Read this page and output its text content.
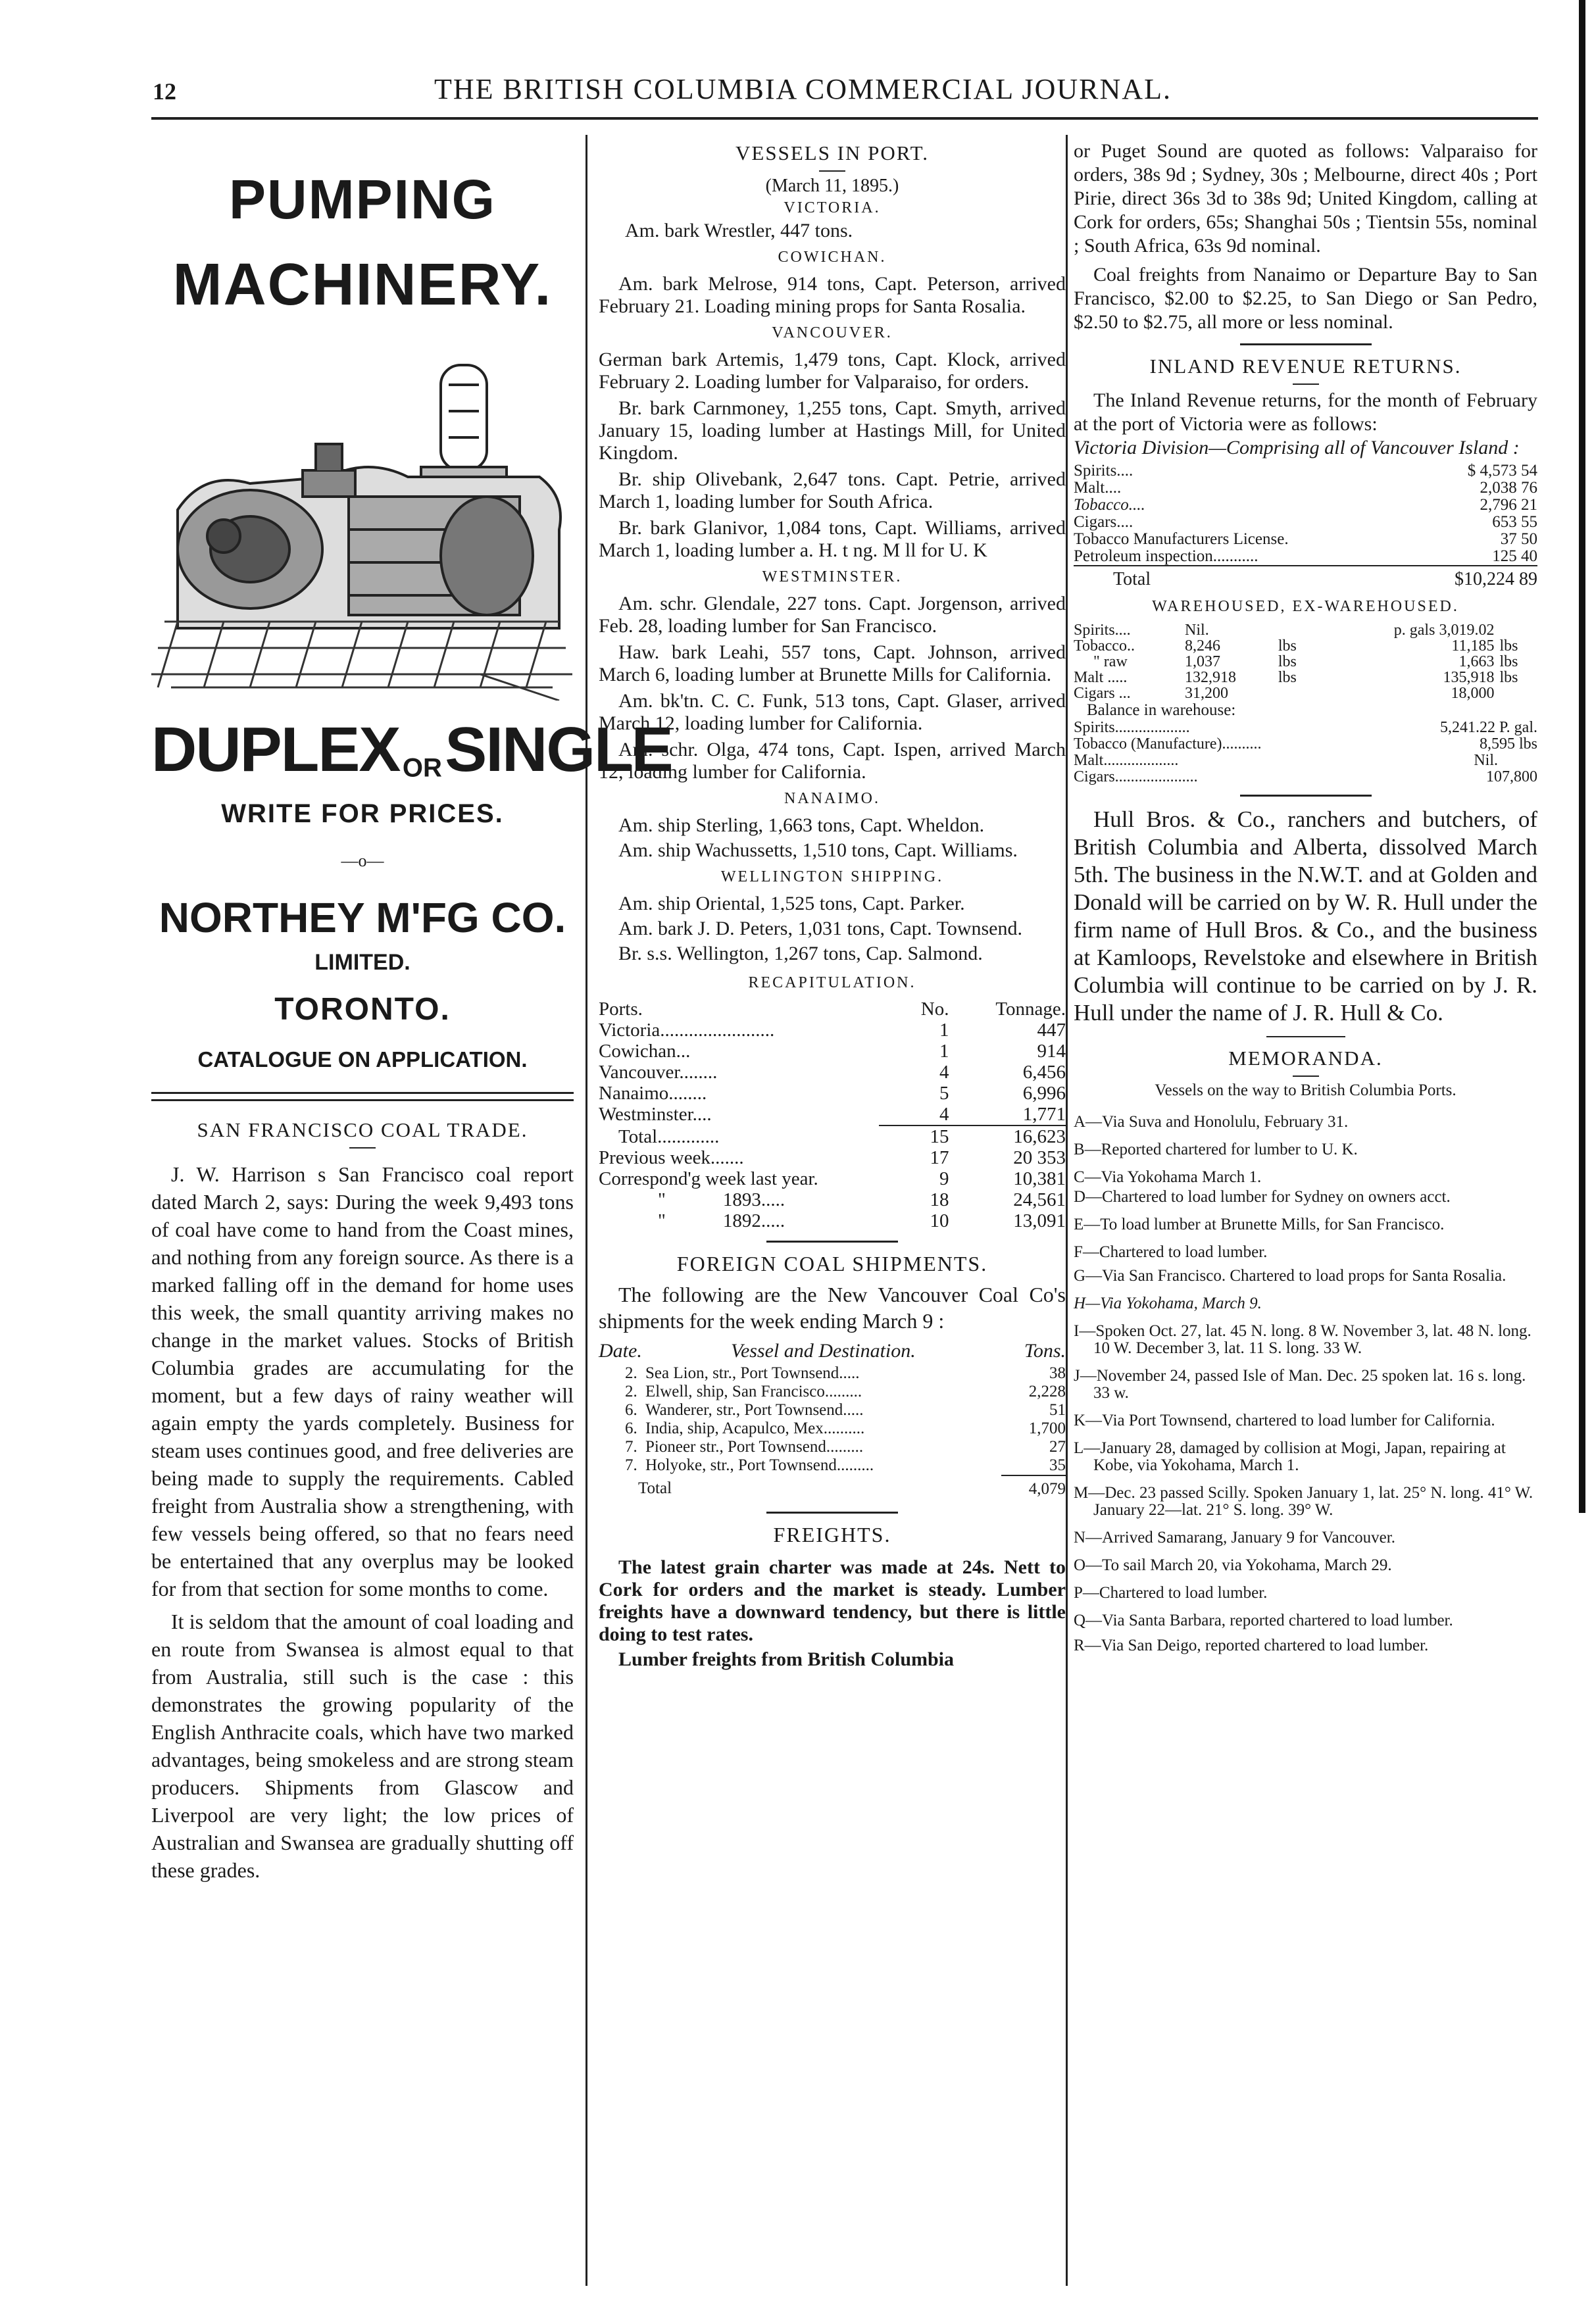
12	THE BRITISH COLUMBIA COMMERCIAL JOURNAL.
PUMPING
MACHINERY.
DUPLEX OR SINGLE
WRITE FOR PRICES.
—o—
NORTHEY M'FG CO.
LIMITED.
TORONTO.
CATALOGUE ON APPLICATION.
SAN FRANCISCO COAL TRADE.

J. W. Harrison s San Francisco coal report dated March 2, says: During the week 9,493 tons of coal have come to hand from the Coast mines, and nothing from any foreign source. As there is a marked falling off in the demand for home uses this week, the small quantity arriving makes no change in the market values. Stocks of British Columbia grades are accumulating for the moment, but a few days of rainy weather will again empty the yards completely. Business for steam uses continues good, and free deliveries are being made to supply the requirements. Cabled freight from Australia show a strengthening, with few vessels being offered, so that no fears need be entertained that any overplus may be looked for from that section for some months to come.

It is seldom that the amount of coal loading and en route from Swansea is almost equal to that from Australia, still such is the case : this demonstrates the growing popularity of the English Anthracite coals, which have two marked advantages, being smokeless and are strong steam producers. Shipments from Glascow and Liverpool are very light; the low prices of Australian and Swansea are gradually shutting off these grades.

VESSELS IN PORT.
(March 11, 1895.)
VICTORIA.

Am. bark Wrestler, 447 tons.

COWICHAN.

Am. bark Melrose, 914 tons, Capt. Peterson, arrived February 21. Loading mining props for Santa Rosalia.

VANCOUVER.

German bark Artemis, 1,479 tons, Capt. Klock, arrived February 2. Loading lumber for Valparaiso, for orders.

Br. bark Carnmoney, 1,255 tons, Capt. Smyth, arrived January 15, loading lumber at Hastings Mill, for United Kingdom.

Br. ship Olivebank, 2,647 tons. Capt. Petrie, arrived March 1, loading lumber for South Africa.

Br. bark Glanivor, 1,084 tons, Capt. Williams, arrived March 1, loading lumber a. H. t ng. M ll for U. K

WESTMINSTER.

Am. schr. Glendale, 227 tons. Capt. Jorgenson, arrived Feb. 28, loading lumber for San Francisco.

Haw. bark Leahi, 557 tons, Capt. Johnson, arrived March 6, loading lumber at Brunette Mills for California.

Am. bk'tn. C. C. Funk, 513 tons, Capt. Glaser, arrived March 12, loading lumber for California.

Am. schr. Olga, 474 tons, Capt. Ispen, arrived March 12, loading lumber for California.

NANAIMO.

Am. ship Sterling, 1,663 tons, Capt. Wheldon.

Am. ship Wachussetts, 1,510 tons, Capt. Williams.

WELLINGTON SHIPPING.

Am. ship Oriental, 1,525 tons, Capt. Parker.

Am. bark J. D. Peters, 1,031 tons, Capt. Townsend.

Br. s.s. Wellington, 1,267 tons, Cap. Salmond.

RECAPITULATION.
Ports.	No.	Tonnage.
Victoria........................	1	447
Cowichan...	1	914
Vancouver........	4	6,456
Nanaimo........	5	6,996
Westminster....	4	1,771

Total.............	15	16,623
Previous week.......	17	20 353
Correspond'g week last year.	9	10,381
"            1893.....	18	24,561
"            1892.....	10	13,091
FOREIGN COAL SHIPMENTS.

The following are the New Vancouver Coal Co's shipments for the week ending March 9 :

Date.	Vessel and Destination.	Tons.
2.	Sea Lion, str., Port Townsend.....	38
2.	Elwell, ship, San Francisco.........	2,228
6.	Wanderer, str., Port Townsend.....	51
6.	India, ship, Acapulco, Mex..........	1,700
7.	Pioneer str., Port Townsend.........	27
7.	Holyoke, str., Port Townsend.........	35
Total		4,079
FREIGHTS.

The latest grain charter was made at 24s. Nett to Cork for orders and the market is steady. Lumber freights have a downward tendency, but there is little doing to test rates.

Lumber freights from British Columbia

or Puget Sound are quoted as follows: Valparaiso for orders, 38s 9d ; Sydney, 30s ; Melbourne, direct 40s ; Port Pirie, direct 36s 3d to 38s 9d; United Kingdom, calling at Cork for orders, 65s; Shanghai 50s ; Tientsin 55s, nominal ; South Africa, 63s 9d nominal.

Coal freights from Nanaimo or Departure Bay to San Francisco, $2.00 to $2.25, to San Diego or San Pedro, $2.50 to $2.75, all more or less nominal.

INLAND REVENUE RETURNS.

The Inland Revenue returns, for the month of February at the port of Victoria were as follows:

Victoria Division—Comprising all of Vancouver Island :

Spirits....	$ 4,573 54
Malt....	2,038 76
Tobacco....	2,796 21
Cigars....	653 55
Tobacco Manufacturers License.	37 50
Petroleum inspection...........	125 40
Total	$10,224 89
WAREHOUSED, EX-WAREHOUSED.
Spirits....	Nil.		p. gals 3,019.02	
Tobacco..	8,246	lbs	11,185	lbs
" raw	1,037	lbs	1,663	lbs
Malt .....	132,918	lbs	135,918	lbs
Cigars ...	31,200		18,000	
Balance in warehouse:
Spirits...................	5,241.22 P. gal.
Tobacco (Manufacture)..........	8,595 lbs
Malt...................	Nil.
Cigars.....................	107,800

Hull Bros. & Co., ranchers and butchers, of British Columbia and Alberta, dissolved March 5th. The business in the N.W.T. and at Golden and Donald will be carried on by W. R. Hull under the firm name of Hull Bros. & Co., and the business at Kamloops, Revelstoke and elsewhere in British Columbia will continue to be carried on by J. R. Hull under the name of J. R. Hull & Co.

MEMORANDA.
Vessels on the way to British Columbia Ports.

A—Via Suva and Honolulu, February 31.

B—Reported chartered for lumber to U. K.

C—Via Yokohama March 1.

D—Chartered to load lumber for Sydney on owners acct.

E—To load lumber at Brunette Mills, for San Francisco.

F—Chartered to load lumber.

G—Via San Francisco. Chartered to load props for Santa Rosalia.

H—Via Yokohama, March 9.

I—Spoken Oct. 27, lat. 45 N. long. 8 W. November 3, lat. 48 N. long. 10 W. December 3, lat. 11 S. long. 33 W.

J—November 24, passed Isle of Man. Dec. 25 spoken lat. 16 s. long. 33 w.

K—Via Port Townsend, chartered to load lumber for California.

L—January 28, damaged by collision at Mogi, Japan, repairing at Kobe, via Yokohama, March 1.

M—Dec. 23 passed Scilly. Spoken January 1, lat. 25° N. long. 41° W. January 22—lat. 21° S. long. 39° W.

N—Arrived Samarang, January 9 for Vancouver.

O—To sail March 20, via Yokohama, March 29.

P—Chartered to load lumber.

Q—Via Santa Barbara, reported chartered to load lumber.

R—Via San Deigo, reported chartered to load lumber.
